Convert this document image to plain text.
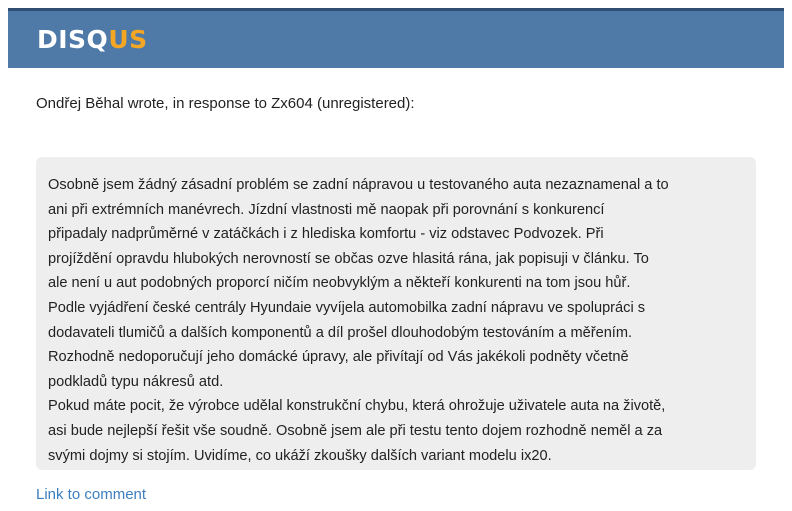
DISQUS
Ondřej Běhal wrote, in response to Zx604 (unregistered):
Osobně jsem žádný zásadní problém se zadní nápravou u testovaného auta nezaznamenal a to
ani při extrémních manévrech. Jízdní vlastnosti mě naopak při porovnání s konkurencí
připadaly nadprůměrné v zatáčkách i z hlediska komfortu - viz odstavec Podvozek. Při
projíždění opravdu hlubokých nerovností se občas ozve hlasitá rána, jak popisuji v článku. To
ale není u aut podobných proporcí ničím neobvyklým a někteří konkurenti na tom jsou hůř.
Podle vyjádření české centrály Hyundaie vyvíjela automobilka zadní nápravu ve spolupráci s
dodavateli tlumičů a dalších komponentů a díl prošel dlouhodobým testováním a měřením.
Rozhodně nedoporučují jeho domácké úpravy, ale přivítají od Vás jakékoli podněty včetně
podkladů typu nákresů atd.
Pokud máte pocit, že výrobce udělal konstrukční chybu, která ohrožuje uživatele auta na životě,
asi bude nejlepší řešit vše soudně. Osobně jsem ale při testu tento dojem rozhodně neměl a za
svými dojmy si stojím. Uvidíme, co ukáží zkoušky dalších variant modelu ix20.
Link to comment
